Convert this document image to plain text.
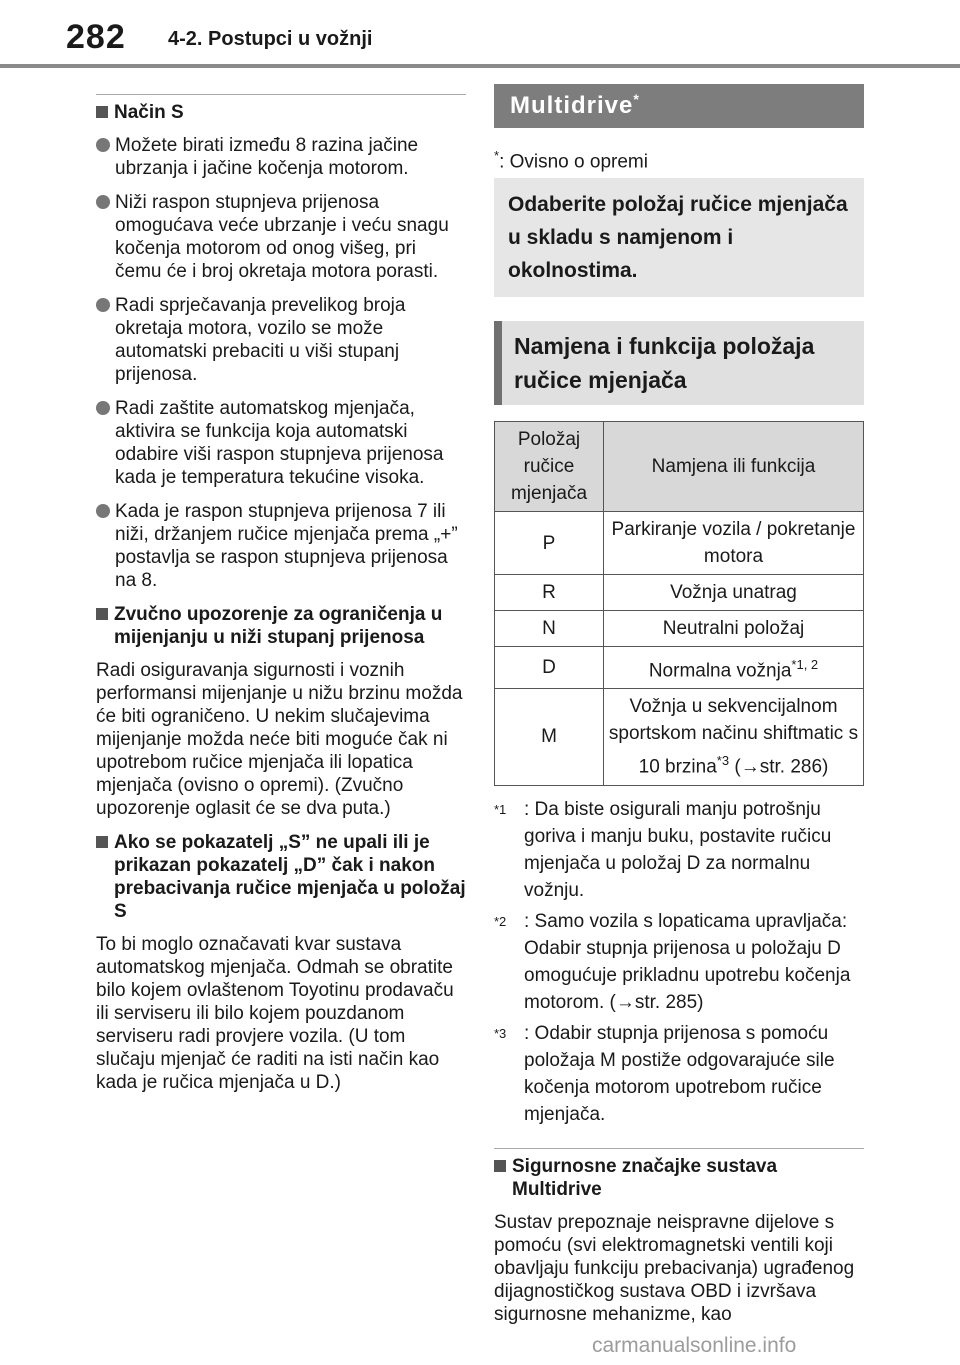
282 4-2. Postupci u vožnji
Način S
Možete birati između 8 razina jačine ubrzanja i jačine kočenja motorom.
Niži raspon stupnjeva prijenosa omogućava veće ubrzanje i veću snagu kočenja motorom od onog višeg, pri čemu će i broj okretaja motora porasti.
Radi sprječavanja prevelikog broja okretaja motora, vozilo se može automatski prebaciti u viši stupanj prijenosa.
Radi zaštite automatskog mjenjača, aktivira se funkcija koja automatski odabire viši raspon stupnjeva prijenosa kada je temperatura tekućine visoka.
Kada je raspon stupnjeva prijenosa 7 ili niži, držanjem ručice mjenjača prema „+” postavlja se raspon stupnjeva prijenosa na 8.
Zvučno upozorenje za ograničenja u mijenjanju u niži stupanj prijenosa
Radi osiguravanja sigurnosti i voznih performansi mijenjanje u nižu brzinu možda će biti ograničeno. U nekim slučajevima mijenjanje možda neće biti moguće čak ni upotrebom ručice mjenjača ili lopatica mjenjača (ovisno o opremi). (Zvučno upozorenje oglasit će se dva puta.)
Ako se pokazatelj „S” ne upali ili je prikazan pokazatelj „D” čak i nakon prebacivanja ručice mjenjača u položaj S
To bi moglo označavati kvar sustava automatskog mjenjača. Odmah se obratite bilo kojem ovlaštenom Toyotinu prodavaču ili serviseru ili bilo kojem pouzdanom serviseru radi provjere vozila. (U tom slučaju mjenjač će raditi na isti način kao kada je ručica mjenjača u D.)
Multidrive*
*: Ovisno o opremi
Odaberite položaj ručice mjenjača u skladu s namjenom i okolnostima.
Namjena i funkcija položaja ručice mjenjača
Položaj ručice mjenjača	Namjena ili funkcija
P	Parkiranje vozila / pokretanje motora
R	Vožnja unatrag
N	Neutralni položaj
D	Normalna vožnja$^{*1, 2}$
M	Vožnja u sekvencijalnom sportskom načinu shiftmatic s 10 brzina$^{*3}$ (→str. 286)
$^{*1}$ : Da biste osigurali manju potrošnju goriva i manju buku, postavite ručicu mjenjača u položaj D za normalnu vožnju.
$^{*2}$ : Samo vozila s lopaticama upravljača: Odabir stupnja prijenosa u položaju D omogućuje prikladnu upotrebu kočenja motorom. (→str. 285)
$^{*3}$ : Odabir stupnja prijenosa s pomoću položaja M postiže odgovarajuće sile kočenja motorom upotrebom ručice mjenjača.
Sigurnosne značajke sustava Multidrive
Sustav prepoznaje neispravne dijelove s pomoću (svi elektromagnetski ventili koji obavljaju funkciju prebacivanja) ugrađenog dijagnostičkog sustava OBD i izvršava sigurnosne mehanizme, kao
carmanualsonline.info
